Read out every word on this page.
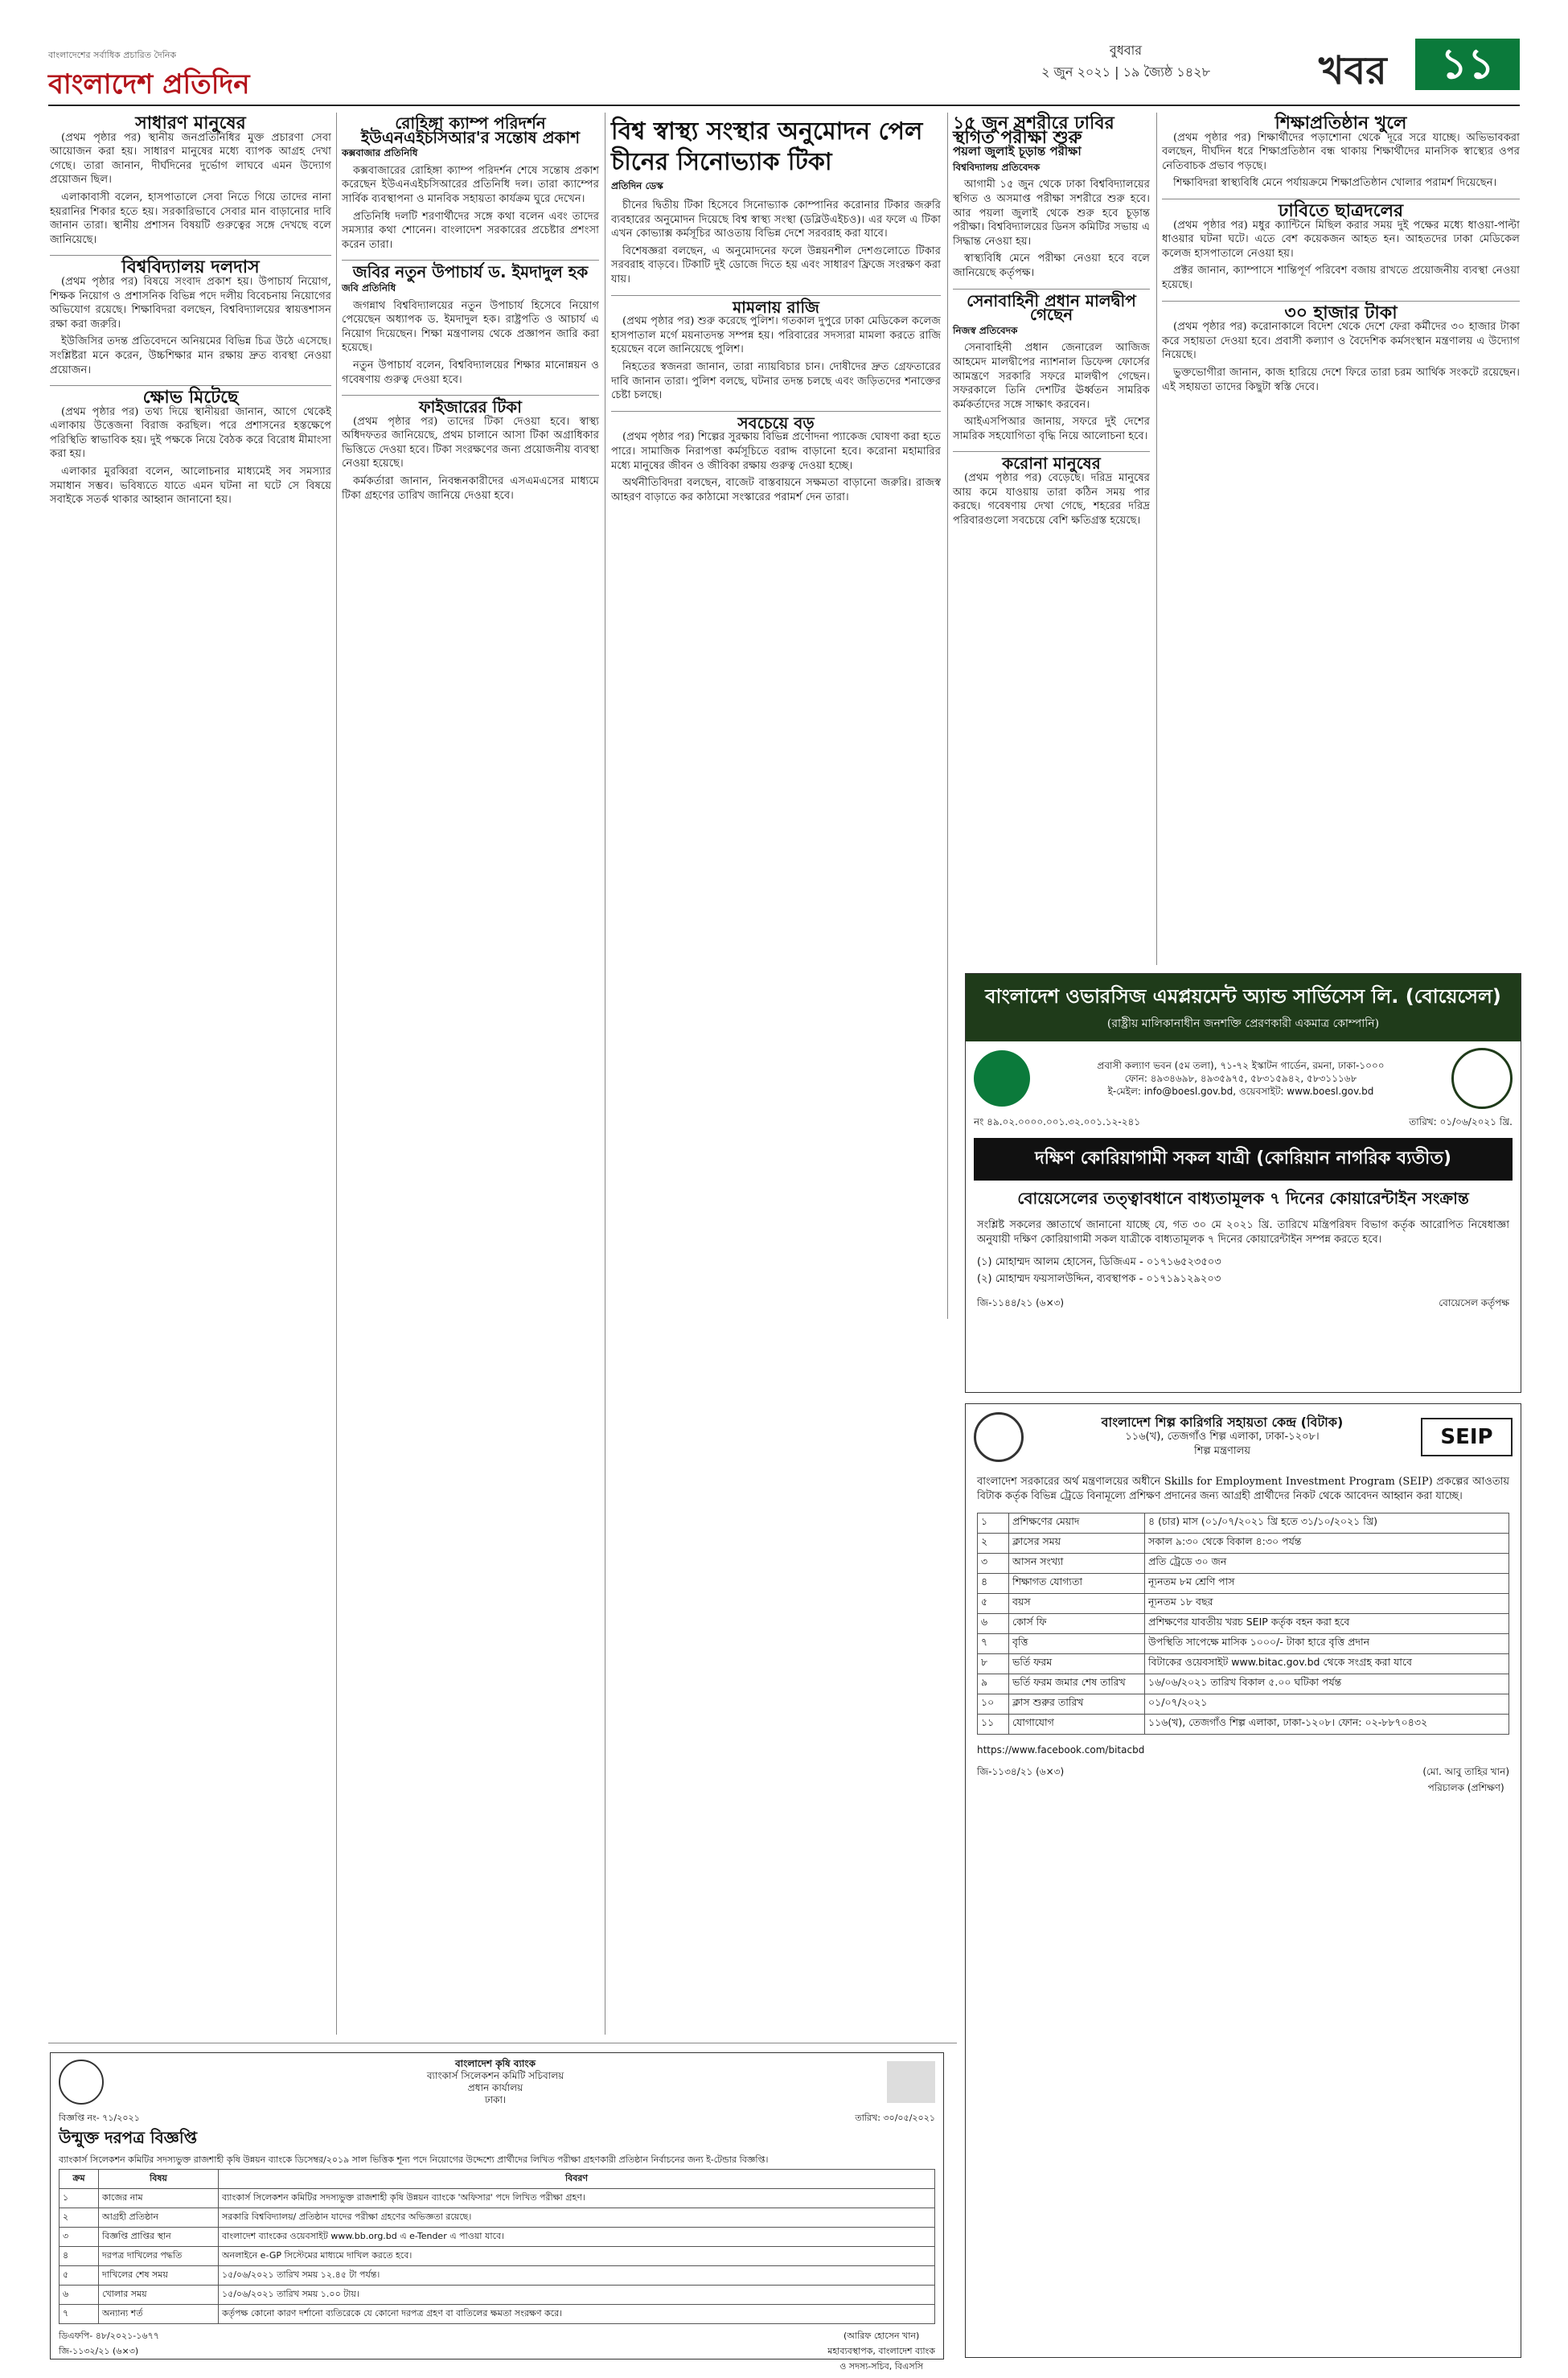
বাংলাদেশের সর্বাধিক প্রচারিত দৈনিক
বাংলাদেশ প্রতিদিন
বুধবার
২ জুন ২০২১ | ১৯ জ্যৈষ্ঠ ১৪২৮	খবর	১১
সাধারণ মানুষের

(প্রথম পৃষ্ঠার পর) স্থানীয় জনপ্রতিনিধির মুক্ত প্রচারণা সেবা আয়োজন করা হয়। সাধারণ মানুষের মধ্যে ব্যাপক আগ্রহ দেখা গেছে। তারা জানান, দীর্ঘদিনের দুর্ভোগ লাঘবে এমন উদ্যোগ প্রয়োজন ছিল।

এলাকাবাসী বলেন, হাসপাতালে সেবা নিতে গিয়ে তাদের নানা হয়রানির শিকার হতে হয়। সরকারিভাবে সেবার মান বাড়ানোর দাবি জানান তারা। স্থানীয় প্রশাসন বিষয়টি গুরুত্বের সঙ্গে দেখছে বলে জানিয়েছে।

বিশ্ববিদ্যালয় দলদাস

(প্রথম পৃষ্ঠার পর) বিষয়ে সংবাদ প্রকাশ হয়। উপাচার্য নিয়োগ, শিক্ষক নিয়োগ ও প্রশাসনিক বিভিন্ন পদে দলীয় বিবেচনায় নিয়োগের অভিযোগ রয়েছে। শিক্ষাবিদরা বলছেন, বিশ্ববিদ্যালয়ের স্বায়ত্তশাসন রক্ষা করা জরুরি।

ইউজিসির তদন্ত প্রতিবেদনে অনিয়মের বিভিন্ন চিত্র উঠে এসেছে। সংশ্লিষ্টরা মনে করেন, উচ্চশিক্ষার মান রক্ষায় দ্রুত ব্যবস্থা নেওয়া প্রয়োজন।

ক্ষোভ মিটেছে

(প্রথম পৃষ্ঠার পর) তথ্য দিয়ে স্থানীয়রা জানান, আগে থেকেই এলাকায় উত্তেজনা বিরাজ করছিল। পরে প্রশাসনের হস্তক্ষেপে পরিস্থিতি স্বাভাবিক হয়। দুই পক্ষকে নিয়ে বৈঠক করে বিরোধ মীমাংসা করা হয়।

এলাকার মুরব্বিরা বলেন, আলোচনার মাধ্যমেই সব সমস্যার সমাধান সম্ভব। ভবিষ্যতে যাতে এমন ঘটনা না ঘটে সে বিষয়ে সবাইকে সতর্ক থাকার আহ্বান জানানো হয়।

রোহিঙ্গা ক্যাম্প পরিদর্শন ইউএনএইচসিআর'র সন্তোষ প্রকাশ
কক্সবাজার প্রতিনিধি

কক্সবাজারের রোহিঙ্গা ক্যাম্প পরিদর্শন শেষে সন্তোষ প্রকাশ করেছেন ইউএনএইচসিআরের প্রতিনিধি দল। তারা ক্যাম্পের সার্বিক ব্যবস্থাপনা ও মানবিক সহায়তা কার্যক্রম ঘুরে দেখেন।

প্রতিনিধি দলটি শরণার্থীদের সঙ্গে কথা বলেন এবং তাদের সমস্যার কথা শোনেন। বাংলাদেশ সরকারের প্রচেষ্টার প্রশংসা করেন তারা।

জবির নতুন উপাচার্য ড. ইমদাদুল হক
জবি প্রতিনিধি

জগন্নাথ বিশ্ববিদ্যালয়ের নতুন উপাচার্য হিসেবে নিয়োগ পেয়েছেন অধ্যাপক ড. ইমদাদুল হক। রাষ্ট্রপতি ও আচার্য এ নিয়োগ দিয়েছেন। শিক্ষা মন্ত্রণালয় থেকে প্রজ্ঞাপন জারি করা হয়েছে।

নতুন উপাচার্য বলেন, বিশ্ববিদ্যালয়ের শিক্ষার মানোন্নয়ন ও গবেষণায় গুরুত্ব দেওয়া হবে।

ফাইজারের টিকা

(প্রথম পৃষ্ঠার পর) তাদের টিকা দেওয়া হবে। স্বাস্থ্য অধিদফতর জানিয়েছে, প্রথম চালানে আসা টিকা অগ্রাধিকার ভিত্তিতে দেওয়া হবে। টিকা সংরক্ষণের জন্য প্রয়োজনীয় ব্যবস্থা নেওয়া হয়েছে।

কর্মকর্তারা জানান, নিবন্ধনকারীদের এসএমএসের মাধ্যমে টিকা গ্রহণের তারিখ জানিয়ে দেওয়া হবে।

বিশ্ব স্বাস্থ্য সংস্থার অনুমোদন পেল চীনের সিনোভ্যাক টিকা
প্রতিদিন ডেস্ক

চীনের দ্বিতীয় টিকা হিসেবে সিনোভ্যাক কোম্পানির করোনার টিকার জরুরি ব্যবহারের অনুমোদন দিয়েছে বিশ্ব স্বাস্থ্য সংস্থা (ডব্লিউএইচও)। এর ফলে এ টিকা এখন কোভ্যাক্স কর্মসূচির আওতায় বিভিন্ন দেশে সরবরাহ করা যাবে।

বিশেষজ্ঞরা বলছেন, এ অনুমোদনের ফলে উন্নয়নশীল দেশগুলোতে টিকার সরবরাহ বাড়বে। টিকাটি দুই ডোজে দিতে হয় এবং সাধারণ ফ্রিজে সংরক্ষণ করা যায়।

মামলায় রাজি

(প্রথম পৃষ্ঠার পর) শুরু করেছে পুলিশ। গতকাল দুপুরে ঢাকা মেডিকেল কলেজ হাসপাতাল মর্গে ময়নাতদন্ত সম্পন্ন হয়। পরিবারের সদস্যরা মামলা করতে রাজি হয়েছেন বলে জানিয়েছে পুলিশ।

নিহতের স্বজনরা জানান, তারা ন্যায়বিচার চান। দোষীদের দ্রুত গ্রেফতারের দাবি জানান তারা। পুলিশ বলছে, ঘটনার তদন্ত চলছে এবং জড়িতদের শনাক্তের চেষ্টা চলছে।

সবচেয়ে বড়

(প্রথম পৃষ্ঠার পর) শিল্পের সুরক্ষায় বিভিন্ন প্রণোদনা প্যাকেজ ঘোষণা করা হতে পারে। সামাজিক নিরাপত্তা কর্মসূচিতে বরাদ্দ বাড়ানো হবে। করোনা মহামারির মধ্যে মানুষের জীবন ও জীবিকা রক্ষায় গুরুত্ব দেওয়া হচ্ছে।

অর্থনীতিবিদরা বলছেন, বাজেট বাস্তবায়নে সক্ষমতা বাড়ানো জরুরি। রাজস্ব আহরণ বাড়াতে কর কাঠামো সংস্কারের পরামর্শ দেন তারা।

১৫ জুন সশরীরে ঢাবির স্থগিত পরীক্ষা শুরু
পয়লা জুলাই চূড়ান্ত পরীক্ষা
বিশ্ববিদ্যালয় প্রতিবেদক

আগামী ১৫ জুন থেকে ঢাকা বিশ্ববিদ্যালয়ের স্থগিত ও অসমাপ্ত পরীক্ষা সশরীরে শুরু হবে। আর পয়লা জুলাই থেকে শুরু হবে চূড়ান্ত পরীক্ষা। বিশ্ববিদ্যালয়ের ডিনস কমিটির সভায় এ সিদ্ধান্ত নেওয়া হয়।

স্বাস্থ্যবিধি মেনে পরীক্ষা নেওয়া হবে বলে জানিয়েছে কর্তৃপক্ষ।

সেনাবাহিনী প্রধান মালদ্বীপ গেছেন
নিজস্ব প্রতিবেদক

সেনাবাহিনী প্রধান জেনারেল আজিজ আহমেদ মালদ্বীপের ন্যাশনাল ডিফেন্স ফোর্সের আমন্ত্রণে সরকারি সফরে মালদ্বীপ গেছেন। সফরকালে তিনি দেশটির ঊর্ধ্বতন সামরিক কর্মকর্তাদের সঙ্গে সাক্ষাৎ করবেন।

আইএসপিআর জানায়, সফরে দুই দেশের সামরিক সহযোগিতা বৃদ্ধি নিয়ে আলোচনা হবে।

করোনা মানুষের

(প্রথম পৃষ্ঠার পর) বেড়েছে। দরিদ্র মানুষের আয় কমে যাওয়ায় তারা কঠিন সময় পার করছে। গবেষণায় দেখা গেছে, শহরের দরিদ্র পরিবারগুলো সবচেয়ে বেশি ক্ষতিগ্রস্ত হয়েছে।

শিক্ষাপ্রতিষ্ঠান খুলে

(প্রথম পৃষ্ঠার পর) শিক্ষার্থীদের পড়াশোনা থেকে দূরে সরে যাচ্ছে। অভিভাবকরা বলছেন, দীর্ঘদিন ধরে শিক্ষাপ্রতিষ্ঠান বন্ধ থাকায় শিক্ষার্থীদের মানসিক স্বাস্থ্যের ওপর নেতিবাচক প্রভাব পড়ছে।

শিক্ষাবিদরা স্বাস্থ্যবিধি মেনে পর্যায়ক্রমে শিক্ষাপ্রতিষ্ঠান খোলার পরামর্শ দিয়েছেন।

ঢাবিতে ছাত্রদলের

(প্রথম পৃষ্ঠার পর) মধুর ক্যান্টিনে মিছিল করার সময় দুই পক্ষের মধ্যে ধাওয়া-পাল্টা ধাওয়ার ঘটনা ঘটে। এতে বেশ কয়েকজন আহত হন। আহতদের ঢাকা মেডিকেল কলেজ হাসপাতালে নেওয়া হয়।

প্রক্টর জানান, ক্যাম্পাসে শান্তিপূর্ণ পরিবেশ বজায় রাখতে প্রয়োজনীয় ব্যবস্থা নেওয়া হয়েছে।

৩০ হাজার টাকা

(প্রথম পৃষ্ঠার পর) করোনাকালে বিদেশ থেকে দেশে ফেরা কর্মীদের ৩০ হাজার টাকা করে সহায়তা দেওয়া হবে। প্রবাসী কল্যাণ ও বৈদেশিক কর্মসংস্থান মন্ত্রণালয় এ উদ্যোগ নিয়েছে।

ভুক্তভোগীরা জানান, কাজ হারিয়ে দেশে ফিরে তারা চরম আর্থিক সংকটে রয়েছেন। এই সহায়তা তাদের কিছুটা স্বস্তি দেবে।

বাংলাদেশ ওভারসিজ এমপ্লয়মেন্ট অ্যান্ড সার্ভিসেস লি. (বোয়েসেল)
(রাষ্ট্রীয় মালিকানাধীন জনশক্তি প্রেরণকারী একমাত্র কোম্পানি)
প্রবাসী কল্যাণ ভবন (৫ম তলা), ৭১-৭২ ইস্কাটন গার্ডেন, রমনা, ঢাকা-১০০০
ফোন: ৪৯৩৪৬৯৮, ৪৯৩৫৯৭৫, ৫৮৩১৫৯৪২, ৫৮৩১১১৬৮
ই-মেইল: info@boesl.gov.bd, ওয়েবসাইট: www.boesl.gov.bd
নং ৪৯.০২.০০০০.০০১.৩২.০০১.১২-২৪১	তারিখ: ০১/০৬/২০২১ খ্রি.
দক্ষিণ কোরিয়াগামী সকল যাত্রী (কোরিয়ান নাগরিক ব্যতীত)
বোয়েসেলের তত্ত্বাবধানে বাধ্যতামূলক ৭ দিনের কোয়ারেন্টাইন সংক্রান্ত
সংশ্লিষ্ট সকলের জ্ঞাতার্থে জানানো যাচ্ছে যে, গত ৩০ মে ২০২১ খ্রি. তারিখে মন্ত্রিপরিষদ বিভাগ কর্তৃক আরোপিত নিষেধাজ্ঞা অনুযায়ী দক্ষিণ কোরিয়াগামী সকল যাত্রীকে বাধ্যতামূলক ৭ দিনের কোয়ারেন্টাইন সম্পন্ন করতে হবে।
(১) মোহাম্মদ আলম হোসেন, ডিজিএম - ০১৭১৬৫২৩৫০৩
(২) মোহাম্মদ ফয়সালউদ্দিন, ব্যবস্থাপক - ০১৭১৯১২৯২০৩
জি-১১৪৪/২১ (৬×৩)	বোয়েসেল কর্তৃপক্ষ
বাংলাদেশ কৃষি ব্যাংক
ব্যাংকার্স সিলেকশন কমিটি সচিবালয়
প্রধান কার্যালয়
ঢাকা।
বিজ্ঞপ্তি নং- ৭১/২০২১	তারিখ: ৩০/০৫/২০২১
উন্মুক্ত দরপত্র বিজ্ঞপ্তি
ব্যাংকার্স সিলেকশন কমিটির সদস্যভুক্ত রাজশাহী কৃষি উন্নয়ন ব্যাংকে ডিসেম্বর/২০১৯ সাল ভিত্তিক শূন্য পদে নিয়োগের উদ্দেশ্যে প্রার্থীদের লিখিত পরীক্ষা গ্রহণকারী প্রতিষ্ঠান নির্বাচনের জন্য ই-টেন্ডার বিজ্ঞপ্তি।
ক্রম	বিষয়	বিবরণ
১	কাজের নাম	ব্যাংকার্স সিলেকশন কমিটির সদস্যভুক্ত রাজশাহী কৃষি উন্নয়ন ব্যাংকে 'অফিসার' পদে লিখিত পরীক্ষা গ্রহণ।
২	আগ্রহী প্রতিষ্ঠান	সরকারি বিশ্ববিদ্যালয়/ প্রতিষ্ঠান যাদের পরীক্ষা গ্রহণের অভিজ্ঞতা রয়েছে।
৩	বিজ্ঞপ্তি প্রাপ্তির স্থান	বাংলাদেশ ব্যাংকের ওয়েবসাইট www.bb.org.bd এ e-Tender এ পাওয়া যাবে।
৪	দরপত্র দাখিলের পদ্ধতি	অনলাইনে e-GP সিস্টেমের মাধ্যমে দাখিল করতে হবে।
৫	দাখিলের শেষ সময়	১৫/০৬/২০২১ তারিখ সময় ১২.৪৫ টা পর্যন্ত।
৬	খোলার সময়	১৫/০৬/২০২১ তারিখ সময় ১.০০ টায়।
৭	অন্যান্য শর্ত	কর্তৃপক্ষ কোনো কারণ দর্শানো ব্যতিরেকে যে কোনো দরপত্র গ্রহণ বা বাতিলের ক্ষমতা সংরক্ষণ করে।
ডিএফপি- ৪৮/২০২১-১৬৭৭
জি-১১৩২/২১ (৬×৩)
(আরিফ হোসেন খান)
মহাব্যবস্থাপক, বাংলাদেশ ব্যাংক
ও সদস্য-সচিব, বিএসসি
বাংলাদেশ শিল্প কারিগরি সহায়তা কেন্দ্র (বিটাক)
১১৬(খ), তেজগাঁও শিল্প এলাকা, ঢাকা-১২০৮।
শিল্প মন্ত্রণালয়
SEIP
বাংলাদেশ সরকারের অর্থ মন্ত্রণালয়ের অধীনে Skills for Employment Investment Program (SEIP) প্রকল্পের আওতায় বিটাক কর্তৃক বিভিন্ন ট্রেডে বিনামূল্যে প্রশিক্ষণ প্রদানের জন্য আগ্রহী প্রার্থীদের নিকট থেকে আবেদন আহ্বান করা যাচ্ছে।
১	প্রশিক্ষণের মেয়াদ	৪ (চার) মাস (০১/০৭/২০২১ খ্রি হতে ৩১/১০/২০২১ খ্রি)
২	ক্লাসের সময়	সকাল ৯:৩০ থেকে বিকাল ৪:৩০ পর্যন্ত
৩	আসন সংখ্যা	প্রতি ট্রেডে ৩০ জন
৪	শিক্ষাগত যোগ্যতা	ন্যূনতম ৮ম শ্রেণি পাস
৫	বয়স	ন্যূনতম ১৮ বছর
৬	কোর্স ফি	প্রশিক্ষণের যাবতীয় খরচ SEIP কর্তৃক বহন করা হবে
৭	বৃত্তি	উপস্থিতি সাপেক্ষে মাসিক ১০০০/- টাকা হারে বৃত্তি প্রদান
৮	ভর্তি ফরম	বিটাকের ওয়েবসাইট www.bitac.gov.bd থেকে সংগ্রহ করা যাবে
৯	ভর্তি ফরম জমার শেষ তারিখ	১৬/০৬/২০২১ তারিখ বিকাল ৫.০০ ঘটিকা পর্যন্ত
১০	ক্লাস শুরুর তারিখ	০১/০৭/২০২১
১১	যোগাযোগ	১১৬(খ), তেজগাঁও শিল্প এলাকা, ঢাকা-১২০৮। ফোন: ০২-৮৮৭০৪৩২
https://www.facebook.com/bitacbd
জি-১১৩৪/২১ (৬×৩)	(মো. আবু তাহির খান)
পরিচালক (প্রশিক্ষণ)
